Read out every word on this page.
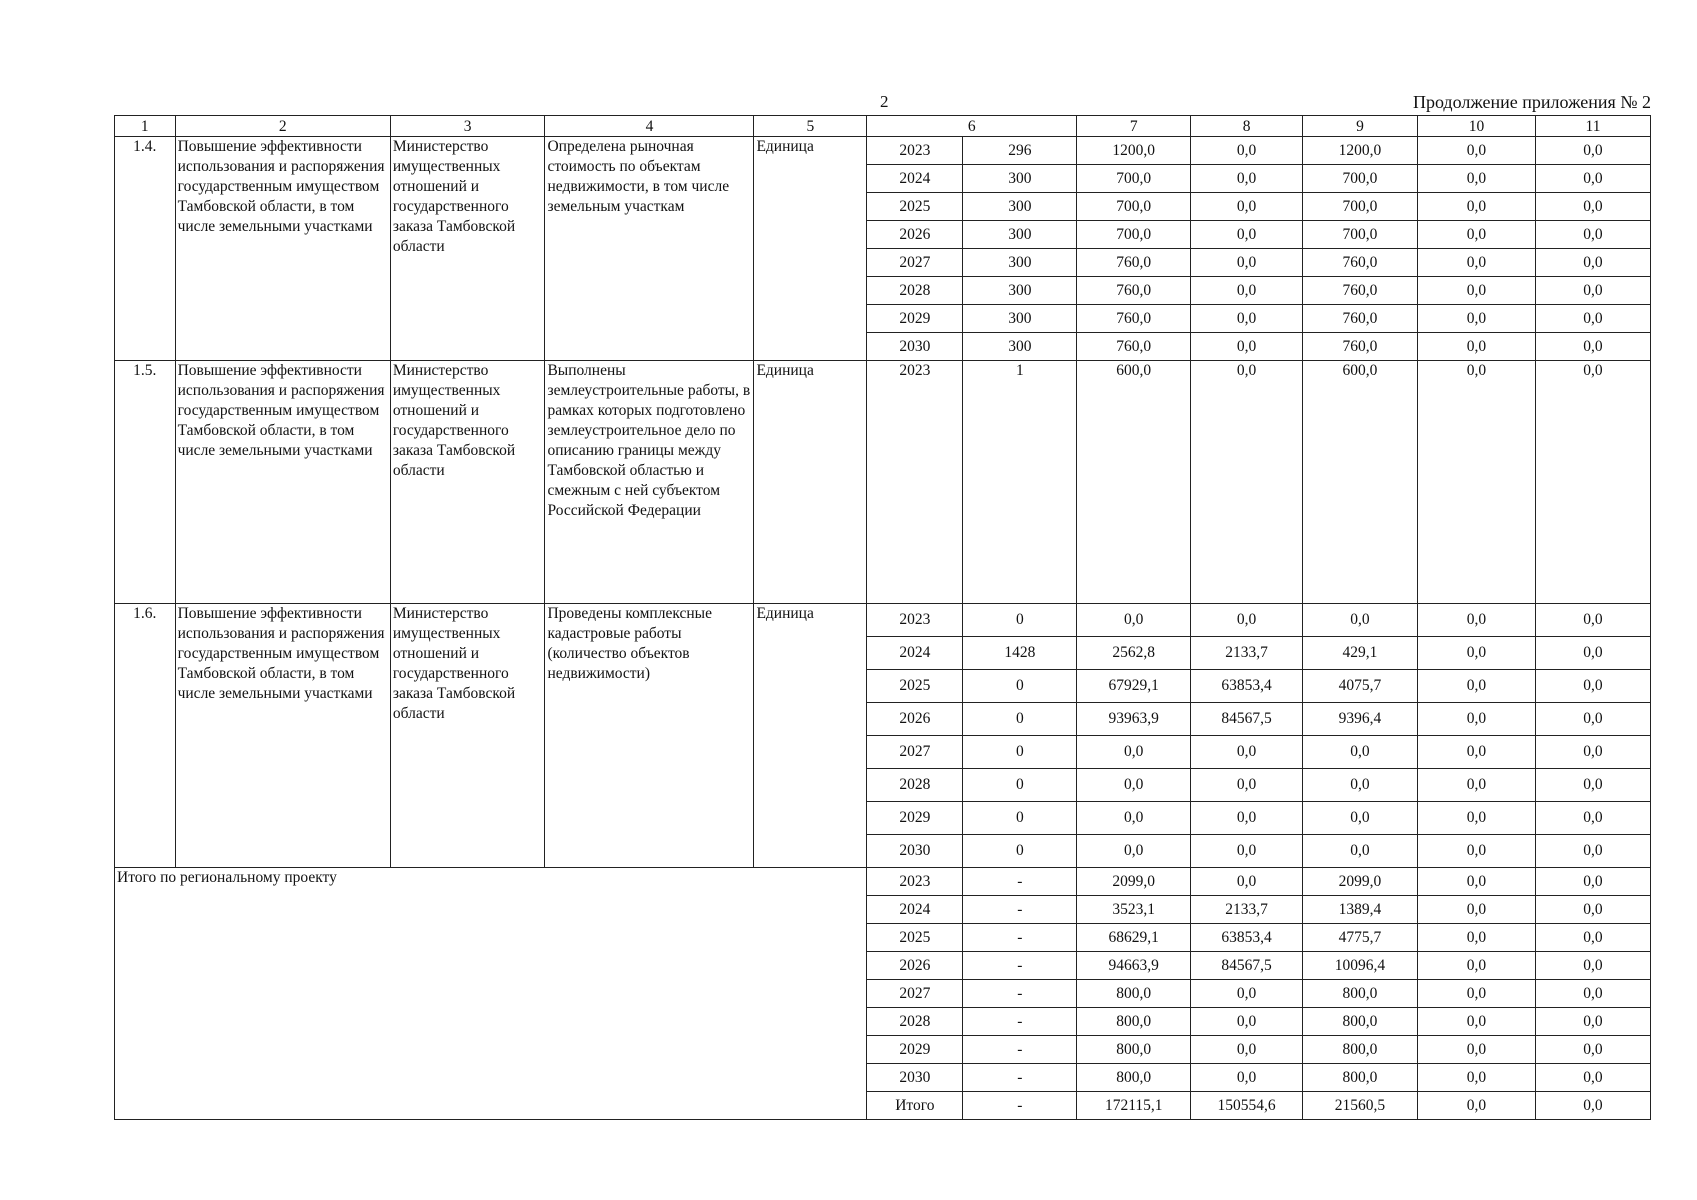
2	Продолжение приложения № 2
1	2	3	4	5	6		7	8	9	10	11
1.4.	Повышение эффективности использования и распоряжения государственным имуществом Тамбовской области, в том числе земельными участками	Министерство имущественных отношений и государственного заказа Тамбовской области	Определена рыночная стоимость по объектам недвижимости, в том числе земельным участкам	Единица	2023	296	1200,0	0,0	1200,0	0,0	0,0
					2024	300	700,0	0,0	700,0	0,0	0,0
					2025	300	700,0	0,0	700,0	0,0	0,0
					2026	300	700,0	0,0	700,0	0,0	0,0
					2027	300	760,0	0,0	760,0	0,0	0,0
					2028	300	760,0	0,0	760,0	0,0	0,0
					2029	300	760,0	0,0	760,0	0,0	0,0
					2030	300	760,0	0,0	760,0	0,0	0,0
1.5.	Повышение эффективности использования и распоряжения государственным имуществом Тамбовской области, в том числе земельными участками	Министерство имущественных отношений и государственного заказа Тамбовской области	Выполнены землеустроительные работы, в рамках которых подготовлено землеустроительное дело по описанию границы между Тамбовской областью и смежным с ней субъектом Российской Федерации	Единица	2023	1	600,0	0,0	600,0	0,0	0,0
1.6.	Повышение эффективности использования и распоряжения государственным имуществом Тамбовской области, в том числе земельными участками	Министерство имущественных отношений и государственного заказа Тамбовской области	Проведены комплексные кадастровые работы (количество объектов недвижимости)	Единица	2023	0	0,0	0,0	0,0	0,0	0,0
					2024	1428	2562,8	2133,7	429,1	0,0	0,0
					2025	0	67929,1	63853,4	4075,7	0,0	0,0
					2026	0	93963,9	84567,5	9396,4	0,0	0,0
					2027	0	0,0	0,0	0,0	0,0	0,0
					2028	0	0,0	0,0	0,0	0,0	0,0
					2029	0	0,0	0,0	0,0	0,0	0,0
					2030	0	0,0	0,0	0,0	0,0	0,0
Итого по региональному проекту					2023	-	2099,0	0,0	2099,0	0,0	0,0
					2024	-	3523,1	2133,7	1389,4	0,0	0,0
					2025	-	68629,1	63853,4	4775,7	0,0	0,0
					2026	-	94663,9	84567,5	10096,4	0,0	0,0
					2027	-	800,0	0,0	800,0	0,0	0,0
					2028	-	800,0	0,0	800,0	0,0	0,0
					2029	-	800,0	0,0	800,0	0,0	0,0
					2030	-	800,0	0,0	800,0	0,0	0,0
					Итого	-	172115,1	150554,6	21560,5	0,0	0,0
